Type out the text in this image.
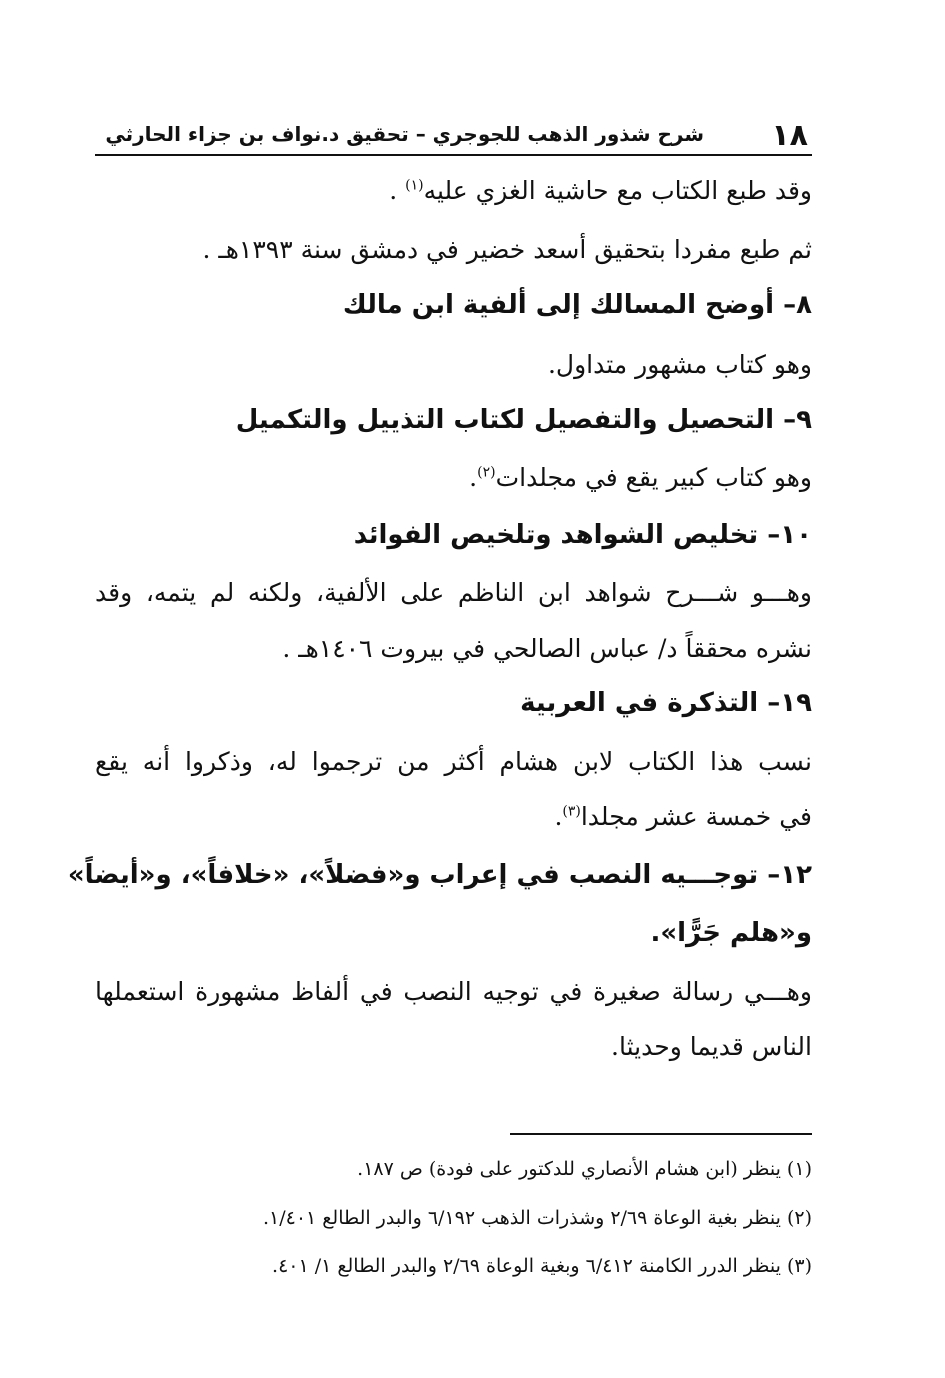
١٨
شرح شذور الذهب للجوجري – تحقيق د.نواف بن جزاء الحارثي
وقد طبع الكتاب مع حاشية الغزي عليه$^{(١)}$ .
ثم طبع مفردا بتحقيق أسعد خضير في دمشق سنة ١٣٩٣هـ .
٨– أوضح المسالك إلى ألفية ابن مالك
وهو كتاب مشهور متداول.
٩– التحصيل والتفصيل لكتاب التذييل والتكميل
وهو كتاب كبير يقع في مجلدات$^{(٢)}$.
١٠– تخليص الشواهد وتلخيص الفوائد
وهـــو شـــرح شواهد ابن الناظم على الألفية، ولكنه لم يتمه، وقد
نشره محققاً د/ عباس الصالحي في بيروت ١٤٠٦هـ .
١٩– التذكرة في العربية
نسب هذا الكتاب لابن هشام أكثر من ترجموا له، وذكروا أنه يقع
في خمسة عشر مجلدا$^{(٣)}$.
١٢– توجـــيه النصب في إعراب و«فضلاً»، «خلافاً»، و«أيضاً»
و«هلم جَرًّا».
وهـــي رسالة صغيرة في توجيه النصب في ألفاظ مشهورة استعملها
الناس قديما وحديثا.
(١) ينظر (ابن هشام الأنصاري للدكتور على فودة) ص ١٨٧.
(٢) ينظر بغية الوعاة ٢/٦٩ وشذرات الذهب ٦/١٩٢ والبدر الطالع ١/٤٠١.
(٣) ينظر الدرر الكامنة ٦/٤١٢ وبغية الوعاة ٢/٦٩ والبدر الطالع ١/ ٤٠١.
